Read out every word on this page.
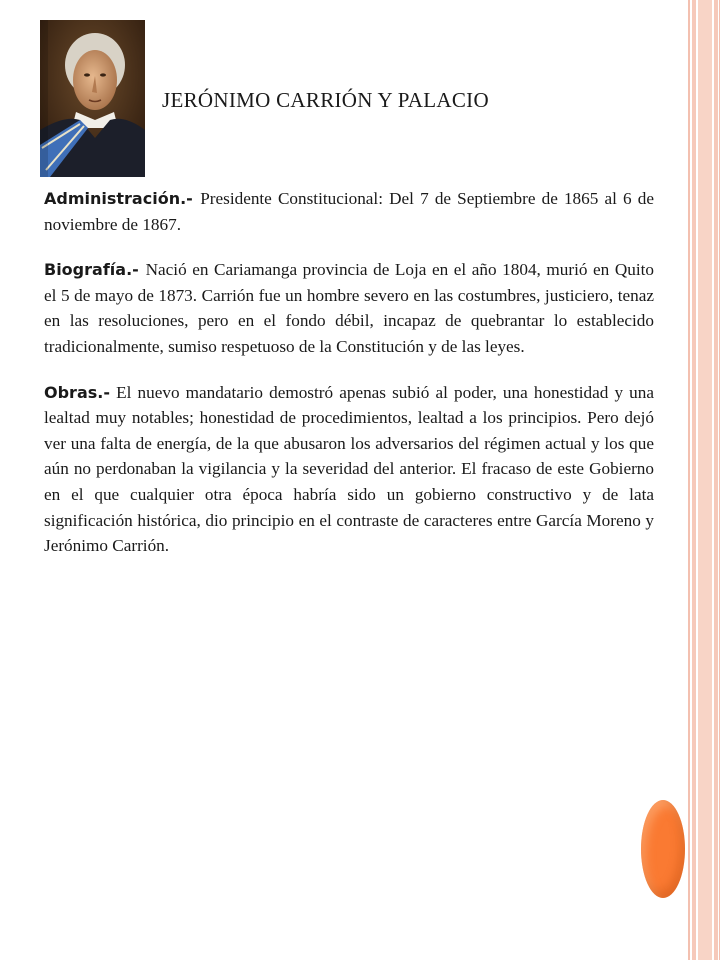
JERÓNIMO CARRIÓN Y PALACIO

Administración.- Presidente Constitucional: Del 7 de Septiembre de 1865 al 6 de noviembre de 1867.

Biografía.- Nació en Cariamanga provincia de Loja en el año 1804, murió en Quito el 5 de mayo de 1873. Carrión fue un hombre severo en las costumbres, justiciero, tenaz en las resoluciones, pero en el fondo débil, incapaz de quebrantar lo establecido tradicionalmente, sumiso respetuoso de la Constitución y de las leyes.

Obras.- El nuevo mandatario demostró apenas subió al poder, una honestidad y una lealtad muy notables; honestidad de procedimientos, lealtad a los principios. Pero dejó ver una falta de energía, de la que abusaron los adversarios del régimen actual y los que aún no perdonaban la vigilancia y la severidad del anterior. El fracaso de este Gobierno en el que cualquier otra época habría sido un gobierno constructivo y de lata significación histórica, dio principio en el contraste de caracteres entre García Moreno y Jerónimo Carrión.
